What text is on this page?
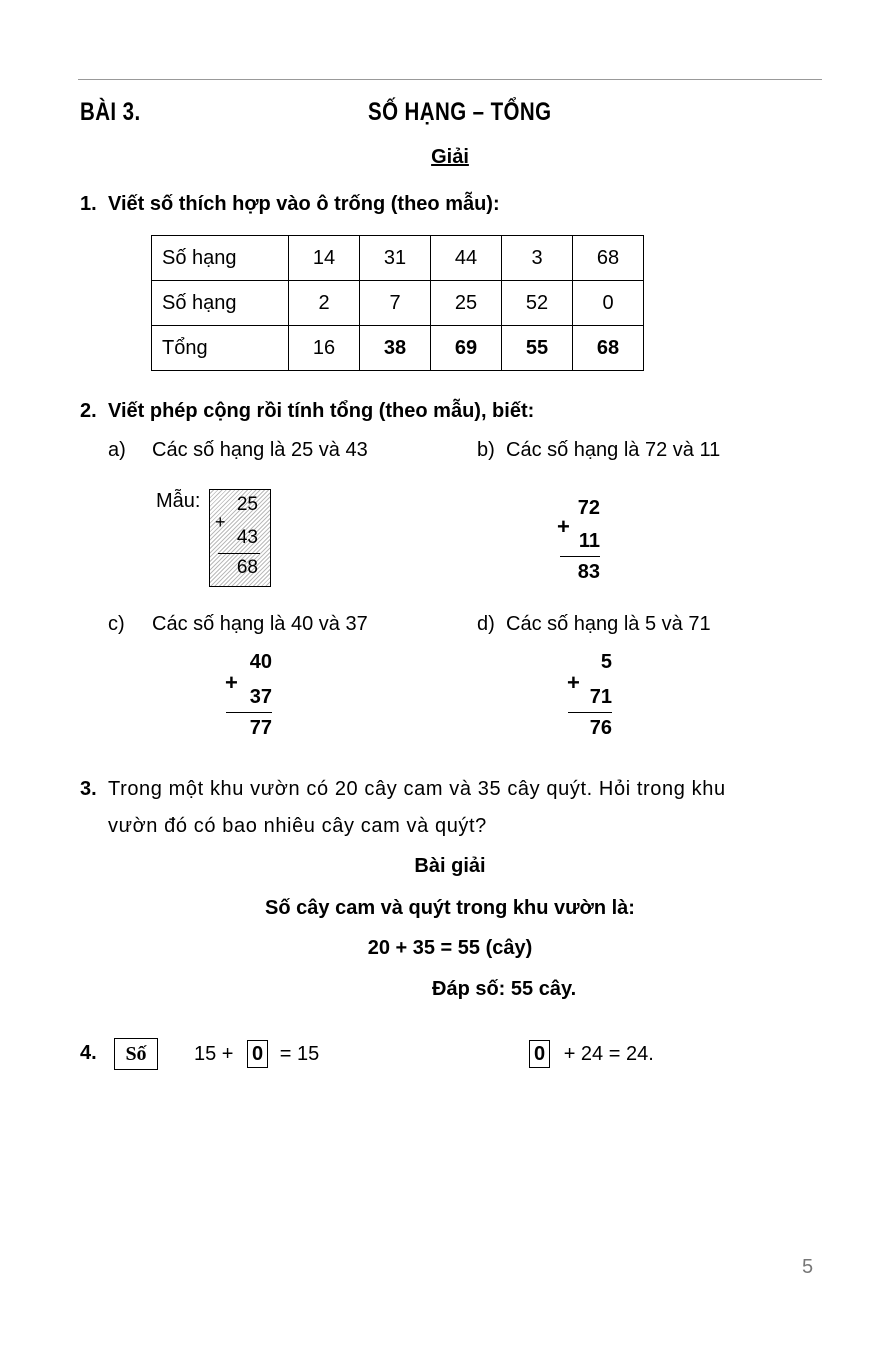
BÀI 3.	SỐ HẠNG – TỔNG
Giải
1. Viết số thích hợp vào ô trống (theo mẫu):
Số hạng	14	31	44	3	68
Số hạng	2	7	25	52	0
Tổng	16	38	69	55	68
2. Viết phép cộng rồi tính tổng (theo mẫu), biết:
a) Các số hạng là 25 và 43	b) Các số hạng là 72 và 11
Mẫu: 25
+
43
68
72
11
83
+
c) Các số hạng là 40 và 37	d) Các số hạng là 5 và 71
40
37
77
+
5
71
76
+
3. Trong một khu vườn có 20 cây cam và 35 cây quýt. Hỏi trong khu
vườn đó có bao nhiêu cây cam và quýt?
Bài giải
Số cây cam và quýt trong khu vườn là:
20 + 35 = 55 (cây)
Đáp số: 55 cây.
4.	Số	15 + 0 = 15	0 + 24 = 24.
5
